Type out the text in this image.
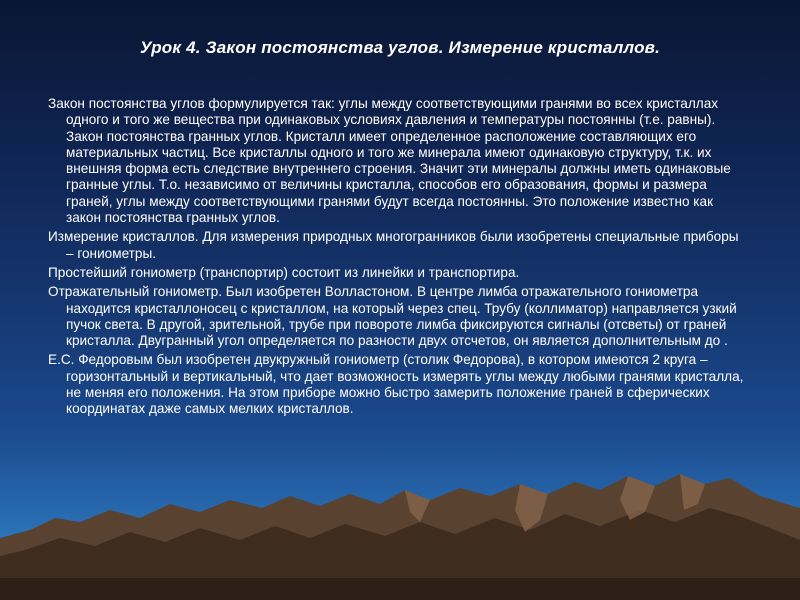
Урок 4. Закон постоянства углов. Измерение кристаллов.

Закон постоянства углов формулируется так: углы между соответствующими гранями во всех кристаллах одного и того же вещества при одинаковых условиях давления и температуры постоянны (т.е. равны). Закон постоянства гранных углов. Кристалл имеет определенное расположение составляющих его материальных частиц. Все кристаллы одного и того же минерала имеют одинаковую структуру, т.к. их внешняя форма есть следствие внутреннего строения. Значит эти минералы должны иметь одинаковые гранные углы. Т.о. независимо от величины кристалла, способов его образования, формы и размера граней, углы между соответствующими гранями будут всегда постоянны. Это положение известно как закон постоянства гранных углов.

Измерение кристаллов. Для измерения природных многогранников были изобретены специальные приборы – гониометры.

Простейший гониометр (транспортир) состоит из линейки и транспортира.

Отражательный гониометр. Был изобретен Волластоном. В центре лимба отражательного гониометра находится кристаллоносец с кристаллом, на который через спец. Трубу (коллиматор) направляется узкий пучок света. В другой, зрительной, трубе при повороте лимба фиксируются сигналы (отсветы) от граней кристалла. Двугранный угол определяется по разности двух отсчетов, он является дополнительным до .

Е.С. Федоровым был изобретен двукружный гониометр (столик Федорова), в котором имеются 2 круга – горизонтальный и вертикальный, что дает возможность измерять углы между любыми гранями кристалла, не меняя его положения. На этом приборе можно быстро замерить положение граней в сферических координатах даже самых мелких кристаллов.
